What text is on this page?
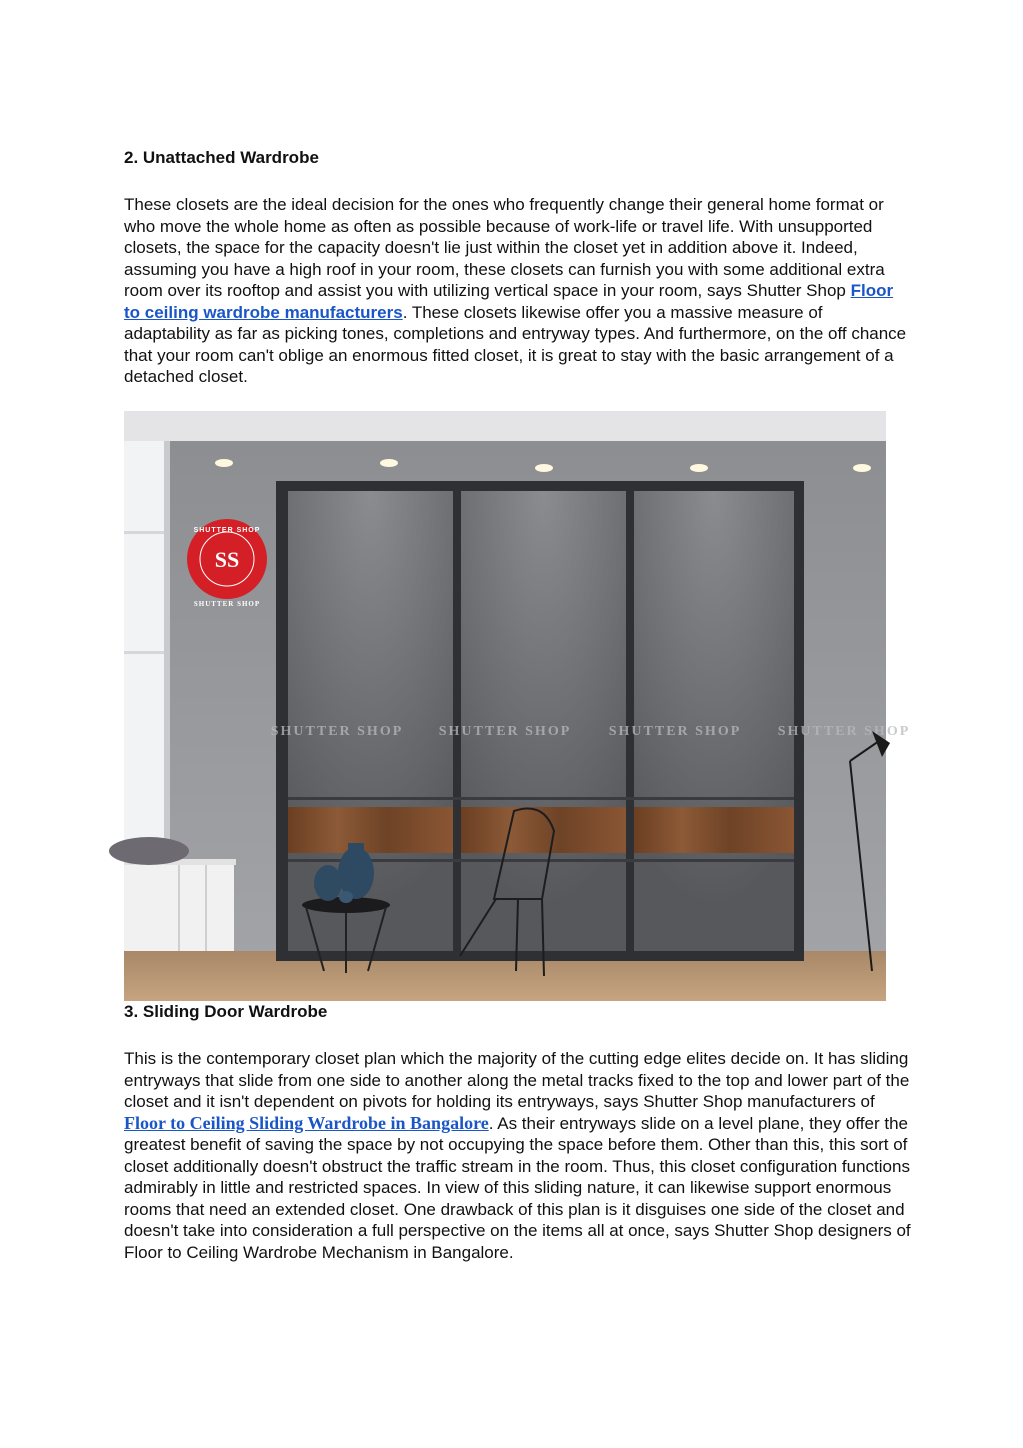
2. Unattached Wardrobe

These closets are the ideal decision for the ones who frequently change their general home format or who move the whole home as often as possible because of work-life or travel life. With unsupported closets, the space for the capacity doesn't lie just within the closet yet in addition above it. Indeed, assuming you have a high roof in your room, these closets can furnish you with some additional extra room over its rooftop and assist you with utilizing vertical space in your room, says Shutter Shop Floor to ceiling wardrobe manufacturers. These closets likewise offer you a massive measure of adaptability as far as picking tones, completions and entryway types. And furthermore, on the off chance that your room can't oblige an enormous fitted closet, it is great to stay with the basic arrangement of a detached closet.

SHUTTER SHOP	SHUTTER SHOP
SHUTTER SHOP	SHUTTER SHOP
SS
SHUTTER SHOP
SHUTTER SHOP
3. Sliding Door Wardrobe

This is the contemporary closet plan which the majority of the cutting edge elites decide on. It has sliding entryways that slide from one side to another along the metal tracks fixed to the top and lower part of the closet and it isn't dependent on pivots for holding its entryways, says Shutter Shop manufacturers of Floor to Ceiling Sliding Wardrobe in Bangalore. As their entryways slide on a level plane, they offer the greatest benefit of saving the space by not occupying the space before them. Other than this, this sort of closet additionally doesn't obstruct the traffic stream in the room. Thus, this closet configuration functions admirably in little and restricted spaces. In view of this sliding nature, it can likewise support enormous rooms that need an extended closet. One drawback of this plan is it disguises one side of the closet and doesn't take into consideration a full perspective on the items all at once, says Shutter Shop designers of Floor to Ceiling Wardrobe Mechanism in Bangalore.
